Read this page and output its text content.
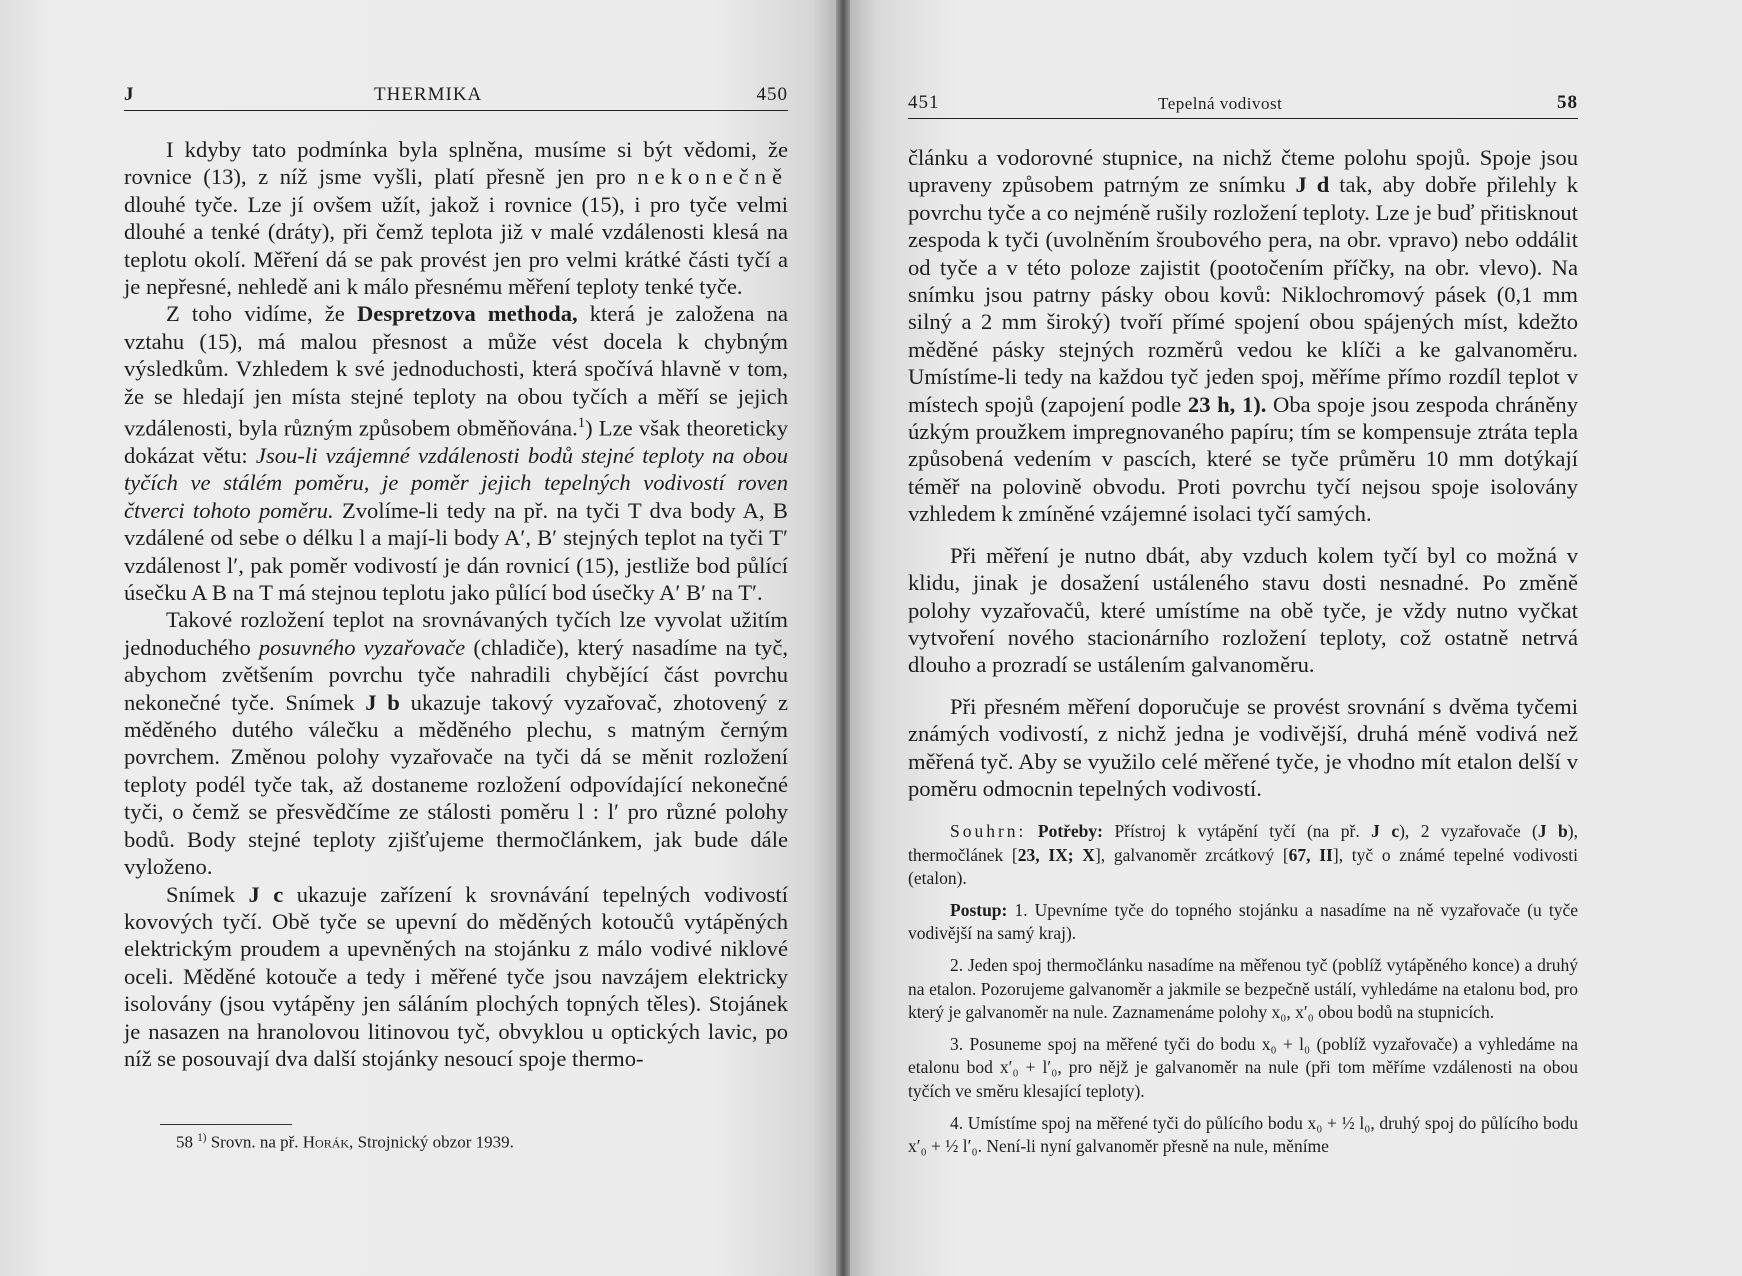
J	THERMIKA	450

I kdyby tato podmínka byla splněna, musíme si být vědomi, že rovnice (13), z níž jsme vyšli, platí přesně jen pro nekonečně dlouhé tyče. Lze jí ovšem užít, jakož i rovnice (15), i pro tyče velmi dlouhé a tenké (dráty), při čemž teplota již v malé vzdálenosti klesá na teplotu okolí. Měření dá se pak provést jen pro velmi krátké části tyčí a je nepřesné, nehledě ani k málo přesnému měření teploty tenké tyče.

Z toho vidíme, že Despretzova methoda, která je založena na vztahu (15), má malou přesnost a může vést docela k chybným výsledkům. Vzhledem k své jednoduchosti, která spočívá hlavně v tom, že se hledají jen místa stejné teploty na obou tyčích a měří se jejich vzdálenosti, byla různým způsobem obměňována.$^1$) Lze však theoreticky dokázat větu: Jsou-li vzájemné vzdálenosti bodů stejné teploty na obou tyčích ve stálém poměru, je poměr jejich tepelných vodivostí roven čtverci tohoto poměru. Zvolíme-li tedy na př. na tyči T dva body A, B vzdálené od sebe o délku l a mají-li body A′, B′ stejných teplot na tyči T′ vzdálenost l′, pak poměr vodivostí je dán rovnicí (15), jestliže bod půlící úsečku A B na T má stejnou teplotu jako půlící bod úsečky A′ B′ na T′.

Takové rozložení teplot na srovnávaných tyčích lze vyvolat užitím jednoduchého posuvného vyzařovače (chladiče), který nasadíme na tyč, abychom zvětšením povrchu tyče nahradili chybějící část povrchu nekonečné tyče. Snímek J b ukazuje takový vyzařovač, zhotovený z měděného dutého válečku a měděného plechu, s matným černým povrchem. Změnou polohy vyzařovače na tyči dá se měnit rozložení teploty podél tyče tak, až dostaneme rozložení odpovídající nekonečné tyči, o čemž se přesvědčíme ze stálosti poměru l : l′ pro různé polohy bodů. Body stejné teploty zjišťujeme thermočlánkem, jak bude dále vyloženo.

Snímek J c ukazuje zařízení k srovnávání tepelných vodivostí kovových tyčí. Obě tyče se upevní do měděných kotoučů vytápěných elektrickým proudem a upevněných na stojánku z málo vodivé niklové oceli. Měděné kotouče a tedy i měřené tyče jsou navzájem elektricky isolovány (jsou vytápěny jen sáláním plochých topných těles). Stojánek je nasazen na hranolovou litinovou tyč, obvyklou u optických lavic, po níž se posouvají dva další stojánky nesoucí spoje thermo-

58 $^{1)}$ Srovn. na př. Horák, Strojnický obzor 1939.
451	Tepelná vodivost	58

článku a vodorovné stupnice, na nichž čteme polohu spojů. Spoje jsou upraveny způsobem patrným ze snímku J d tak, aby dobře přilehly k povrchu tyče a co nejméně rušily rozložení teploty. Lze je buď přitisknout zespoda k tyči (uvolněním šroubového pera, na obr. vpravo) nebo oddálit od tyče a v této poloze zajistit (pootočením příčky, na obr. vlevo). Na snímku jsou patrny pásky obou kovů: Niklochromový pásek (0,1 mm silný a 2 mm široký) tvoří přímé spojení obou spájených míst, kdežto měděné pásky stejných rozměrů vedou ke klíči a ke galvanoměru. Umístíme-li tedy na každou tyč jeden spoj, měříme přímo rozdíl teplot v místech spojů (zapojení podle 23 h, 1). Oba spoje jsou zespoda chráněny úzkým proužkem impregnovaného papíru; tím se kompensuje ztráta tepla způsobená vedením v pascích, které se tyče průměru 10 mm dotýkají téměř na polovině obvodu. Proti povrchu tyčí nejsou spoje isolovány vzhledem k zmíněné vzájemné isolaci tyčí samých.

Při měření je nutno dbát, aby vzduch kolem tyčí byl co možná v klidu, jinak je dosažení ustáleného stavu dosti nesnadné. Po změně polohy vyzařovačů, které umístíme na obě tyče, je vždy nutno vyčkat vytvoření nového stacionárního rozložení teploty, což ostatně netrvá dlouho a prozradí se ustálením galvanoměru.

Při přesném měření doporučuje se provést srovnání s dvěma tyčemi známých vodivostí, z nichž jedna je vodivější, druhá méně vodivá než měřená tyč. Aby se využilo celé měřené tyče, je vhodno mít etalon delší v poměru odmocnin tepelných vodivostí.

Souhrn: Potřeby: Přístroj k vytápění tyčí (na př. J c), 2 vyzařovače (J b), thermočlánek [23, IX; X], galvanoměr zrcátkový [67, II], tyč o známé tepelné vodivosti (etalon).

Postup: 1. Upevníme tyče do topného stojánku a nasadíme na ně vyzařovače (u tyče vodivější na samý kraj).

2. Jeden spoj thermočlánku nasadíme na měřenou tyč (poblíž vytápěného konce) a druhý na etalon. Pozorujeme galvanoměr a jakmile se bezpečně ustálí, vyhledáme na etalonu bod, pro který je galvanoměr na nule. Zaznamenáme polohy x₀, x′₀ obou bodů na stupnicích.

3. Posuneme spoj na měřené tyči do bodu x₀ + l₀ (poblíž vyzařovače) a vyhledáme na etalonu bod x′₀ + l′₀, pro nějž je galvanoměr na nule (při tom měříme vzdálenosti na obou tyčích ve směru klesající teploty).

4. Umístíme spoj na měřené tyči do půlícího bodu x₀ + ½ l₀, druhý spoj do půlícího bodu x′₀ + ½ l′₀. Není-li nyní galvanoměr přesně na nule, měníme
